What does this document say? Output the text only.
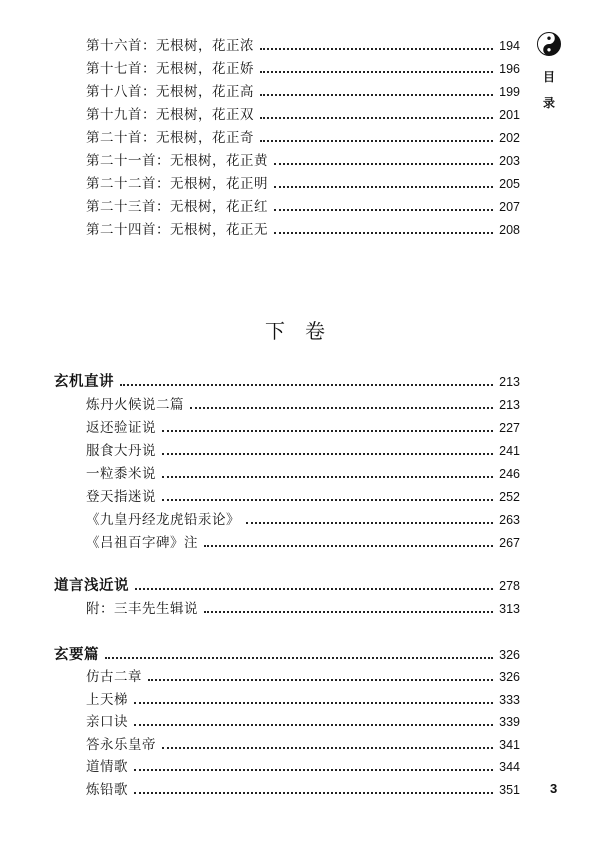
目
录
第十六首：无根树，花正浓	194
第十七首：无根树，花正娇	196
第十八首：无根树，花正高	199
第十九首：无根树，花正双	201
第二十首：无根树，花正奇	202
第二十一首：无根树，花正黄	203
第二十二首：无根树，花正明	205
第二十三首：无根树，花正红	207
第二十四首：无根树，花正无	208
下卷
玄机直讲	213
炼丹火候说二篇	213
返还验证说	227
服食大丹说	241
一粒黍米说	246
登天指迷说	252
《九皇丹经龙虎铅汞论》	263
《吕祖百字碑》注	267
道言浅近说	278
附：三丰先生辑说	313
玄要篇	326
仿古二章	326
上天梯	333
亲口诀	339
答永乐皇帝	341
道情歌	344
炼铅歌	351 3
